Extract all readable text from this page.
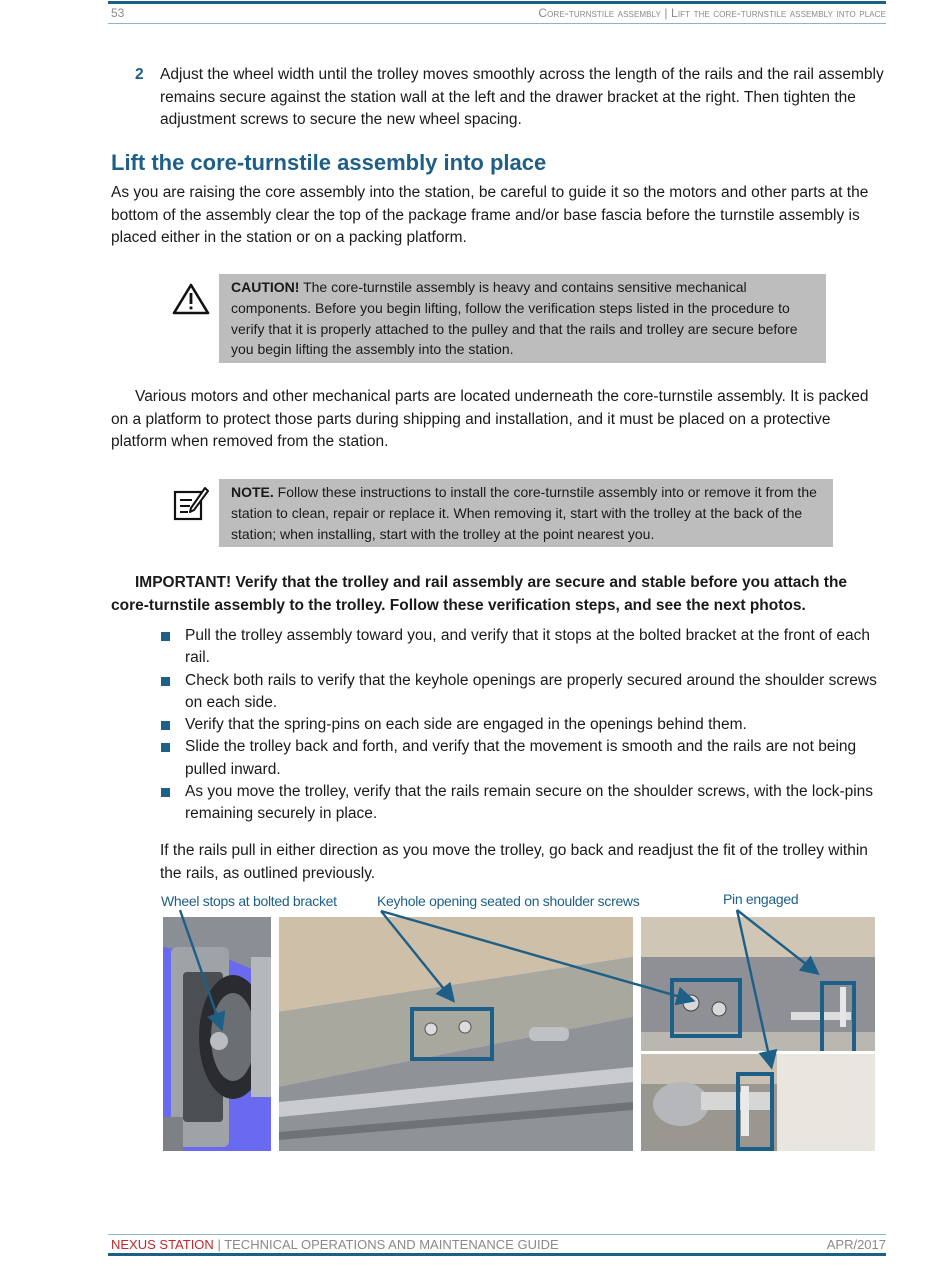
53	Core-turnstile assembly | Lift the core-turnstile assembly into place
2 Adjust the wheel width until the trolley moves smoothly across the length of the rails and the rail assembly remains secure against the station wall at the left and the drawer bracket at the right. Then tighten the adjustment screws to secure the new wheel spacing.
Lift the core-turnstile assembly into place
As you are raising the core assembly into the station, be careful to guide it so the motors and other parts at the bottom of the assembly clear the top of the package frame and/or base fascia before the turnstile assembly is placed either in the station or on a packing platform.
CAUTION! The core-turnstile assembly is heavy and contains sensitive mechanical components. Before you begin lifting, follow the verification steps listed in the procedure to verify that it is properly attached to the pulley and that the rails and trolley are secure before you begin lifting the assembly into the station.
Various motors and other mechanical parts are located underneath the core-turnstile assembly. It is packed on a platform to protect those parts during shipping and installation, and it must be placed on a protective platform when removed from the station.
NOTE. Follow these instructions to install the core-turnstile assembly into or remove it from the station to clean, repair or replace it. When removing it, start with the trolley at the back of the station; when installing, start with the trolley at the point nearest you.
IMPORTANT! Verify that the trolley and rail assembly are secure and stable before you attach the core-turnstile assembly to the trolley. Follow these verification steps, and see the next photos.
Pull the trolley assembly toward you, and verify that it stops at the bolted bracket at the front of each rail.
Check both rails to verify that the keyhole openings are properly secured around the shoulder screws on each side.
Verify that the spring-pins on each side are engaged in the openings behind them.
Slide the trolley back and forth, and verify that the movement is smooth and the rails are not being pulled inward.
As you move the trolley, verify that the rails remain secure on the shoulder screws, with the lock-pins remaining securely in place.
If the rails pull in either direction as you move the trolley, go back and readjust the fit of the trolley within the rails, as outlined previously.
Wheel stops at bolted bracket	Keyhole opening seated on shoulder screws	Pin engaged
NEXUS STATION | TECHNICAL OPERATIONS AND MAINTENANCE GUIDE	APR/2017
